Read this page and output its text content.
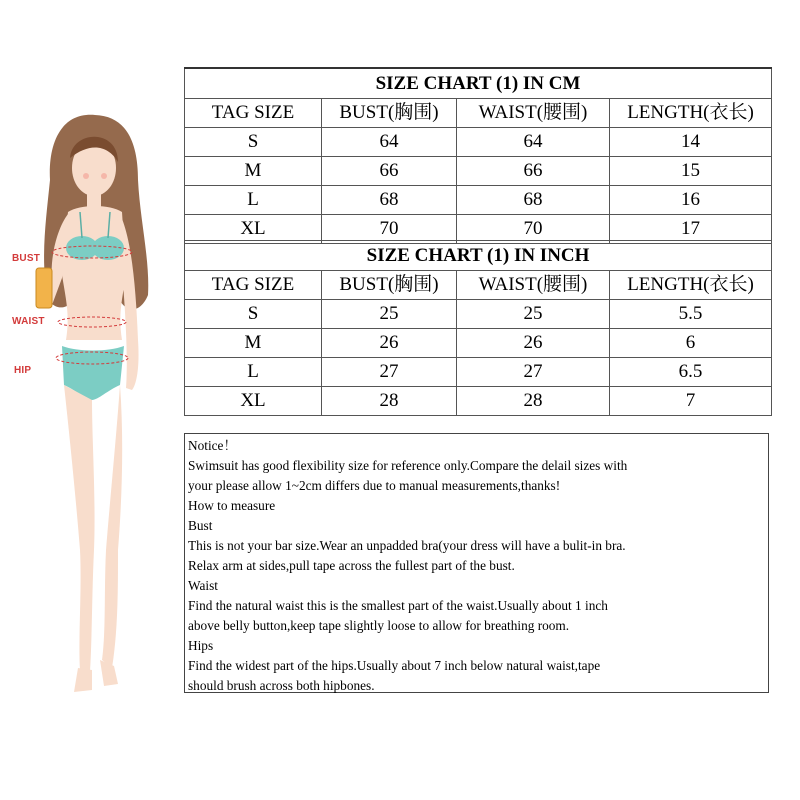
BUST
WAIST
HIP
SIZE CHART (1) IN CM			
TAG SIZE	BUST(胸围)	WAIST(腰围)	LENGTH(衣长)
S	64	64	14
M	66	66	15
L	68	68	16
XL	70	70	17
SIZE CHART (1) IN INCH			
TAG SIZE	BUST(胸围)	WAIST(腰围)	LENGTH(衣长)
S	25	25	5.5
M	26	26	6
L	27	27	6.5
XL	28	28	7
Notice！
Swimsuit has good flexibility size for reference only.Compare the delail sizes with
your please allow 1~2cm differs due to manual measurements,thanks!
How to measure
Bust
This is not your bar size.Wear an unpadded bra(your dress will have a bulit-in bra.
Relax arm at sides,pull tape across the fullest part of the bust.
Waist
Find the natural waist this is the smallest part of the waist.Usually about 1 inch
above belly button,keep tape slightly loose to allow for breathing room.
Hips
Find the widest part of the hips.Usually about 7 inch below natural waist,tape
should brush across both hipbones.
